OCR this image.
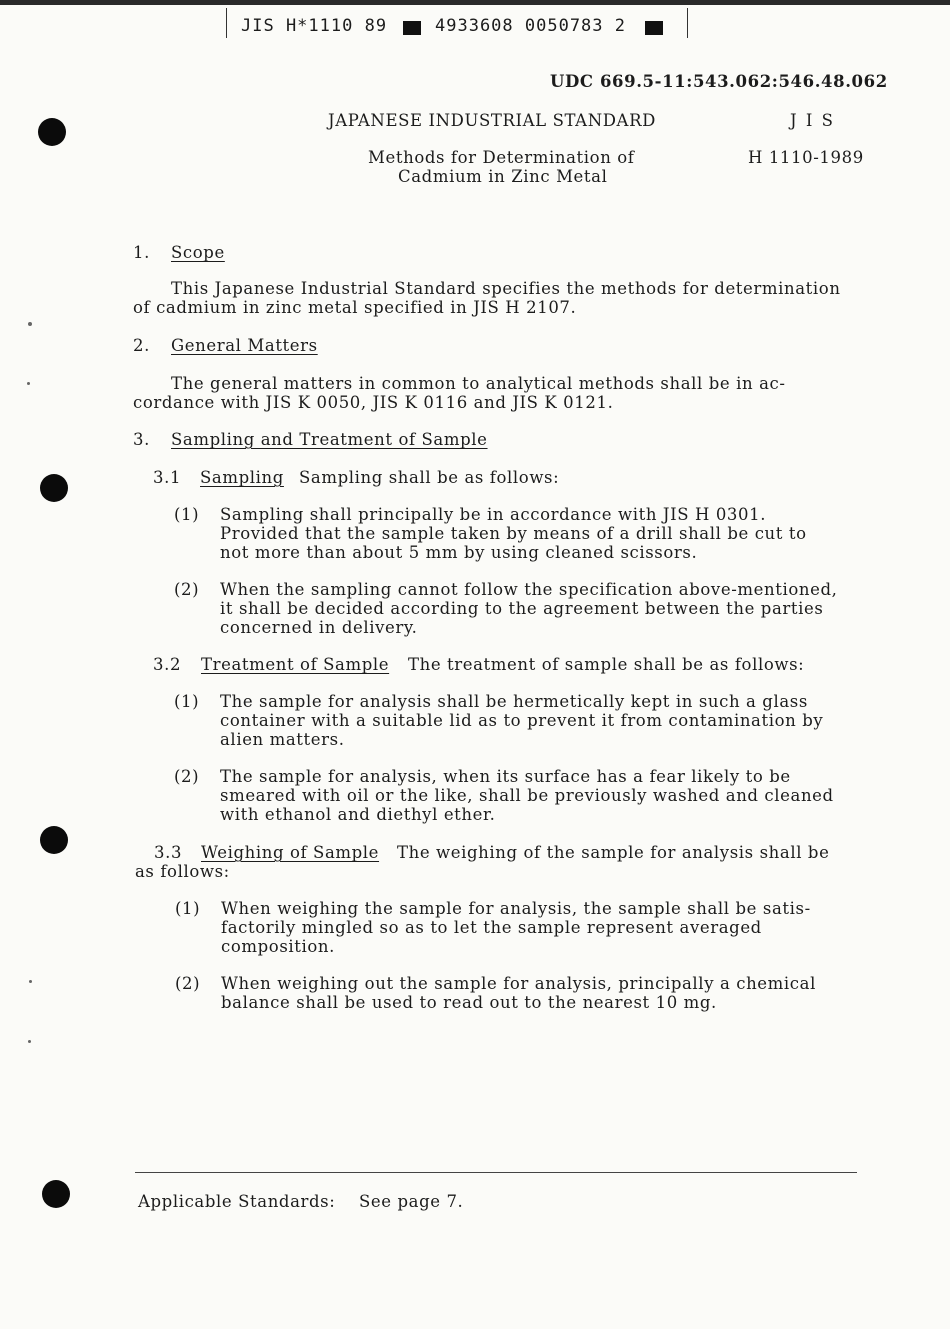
JIS H*1110 89	4933608 0050783 2
UDC 669.5-11:543.062:546.48.062
JAPANESE INDUSTRIAL STANDARD	J I S
Methods for Determination of
Cadmium in Zinc Metal
H 1110-1989
1. Scope
This Japanese Industrial Standard specifies the methods for determination
of cadmium in zinc metal specified in JIS H 2107.
2. General Matters
The general matters in common to analytical methods shall be in ac-
cordance with JIS K 0050, JIS K 0116 and JIS K 0121.
3. Sampling and Treatment of Sample
3.1 Sampling Sampling shall be as follows:
(1) Sampling shall principally be in accordance with JIS H 0301.
Provided that the sample taken by means of a drill shall be cut to
not more than about 5 mm by using cleaned scissors.
(2) When the sampling cannot follow the specification above-mentioned,
it shall be decided according to the agreement between the parties
concerned in delivery.
3.2 Treatment of Sample The treatment of sample shall be as follows:
(1) The sample for analysis shall be hermetically kept in such a glass
container with a suitable lid as to prevent it from contamination by
alien matters.
(2) The sample for analysis, when its surface has a fear likely to be
smeared with oil or the like, shall be previously washed and cleaned
with ethanol and diethyl ether.
3.3 Weighing of Sample The weighing of the sample for analysis shall be
as follows:
(1) When weighing the sample for analysis, the sample shall be satis-
factorily mingled so as to let the sample represent averaged
composition.
(2) When weighing out the sample for analysis, principally a chemical
balance shall be used to read out to the nearest 10 mg.
Applicable Standards: See page 7.
